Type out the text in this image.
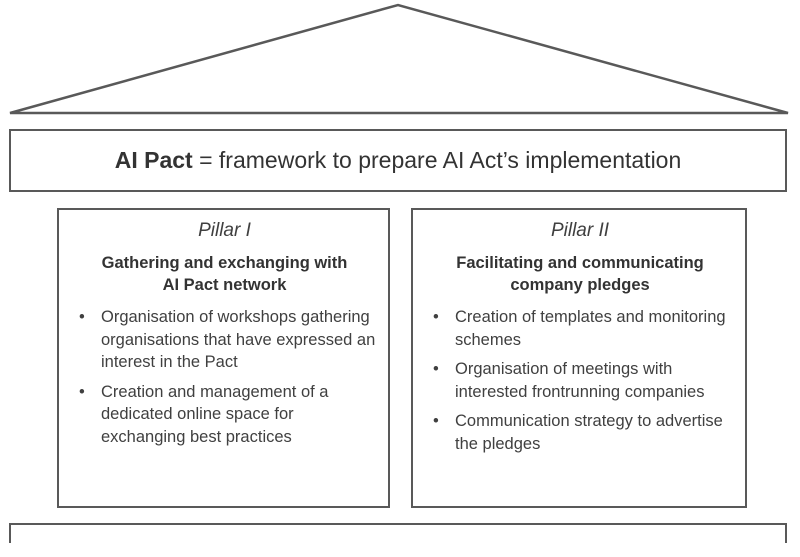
AI Pact = framework to prepare AI Act’s implementation
Pillar I
Gathering and exchanging with
AI Pact network
• Organisation of workshops gathering organisations that have expressed an interest in the Pact
• Creation and management of a dedicated online space for exchanging best practices
Pillar II
Facilitating and communicating
company pledges
• Creation of templates and monitoring schemes
• Organisation of meetings with interested frontrunning companies
• Communication strategy to advertise the pledges
